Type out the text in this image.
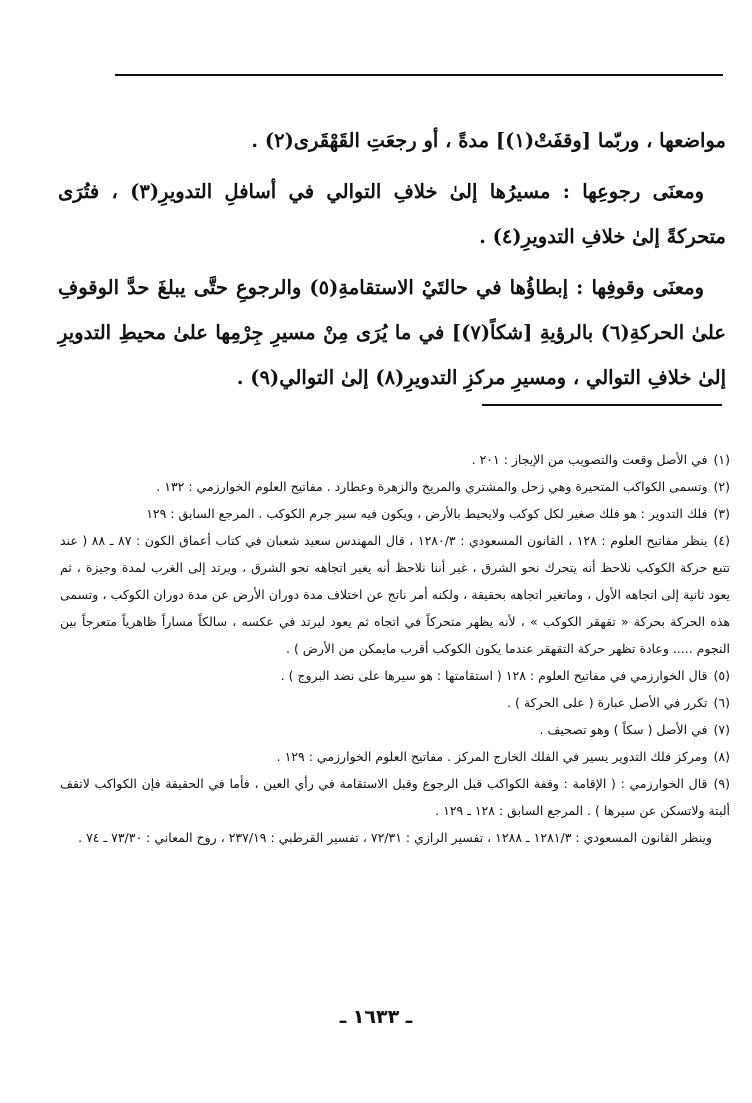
مواضعها ، وربّما [وقفَتْ(١)] مدةً ، أو رجعَتِ القَهْقَرى(٢) .

ومعنَى رجوعِها : مسيرُها إلىٰ خلافِ التوالي في أسافلِ التدويرِ(٣) ، فتُرَى متحركةً إلىٰ خلافِ التدويرِ(٤) .

ومعنَى وقوفِها : إبطاؤُها في حالتَيْ الاستقامةِ(٥) والرجوعِ حتَّى يبلغَ حدَّ الوقوفِ علىٰ الحركةِ(٦) بالرؤيةِ [شكاً(٧)] في ما يُرَى مِنْ مسيرِ جِرْمِها علىٰ محيطِ التدويرِ إلىٰ خلافِ التوالي ، ومسيرِ مركزِ التدويرِ(٨) إلىٰ التوالي(٩) .

(١)في الأصل وقعت والتصويب من الإيجاز : ٢٠١ .

(٢)وتسمى الكواكب المتحيرة وهي زحل والمشتري والمريخ والزهرة وعطارد . مفاتيح العلوم الخوارزمي : ١٣٢ .

(٣)فلك التدوير : هو فلك صغير لكل كوكب ولايحيط بالأرض ، ويكون فيه سير جرم الكوكب . المرجع السابق : ١٢٩

(٤)ينظر مفاتيح العلوم : ١٢٨ ، القانون المسعودي : ١٢٨٠/٣ ، قال المهندس سعيد شعبان في كتاب أعماق الكون : ٨٧ ـ ٨٨ ( عند تتبع حركة الكوكب نلاحظ أنه يتحرك نحو الشرق ، غير أننا نلاحظ أنه يغير اتجاهه نحو الشرق ، ويرتد إلى الغرب لمدة وجيزة ، ثم يعود ثانية إلى اتجاهه الأول ، وماتغير اتجاهه بحقيقة ، ولكنه أمر ناتج عن اختلاف مدة دوران الأرض عن مدة دوران الكوكب ، وتسمى هذه الحركة بحركة « تقهقر الكوكب » ، لأنه يظهر متحركاً في اتجاه ثم يعود ليرتد في عكسه ، سالكاً مساراً ظاهرياً متعرجاً بين النجوم ..... وعادة تظهر حركة التقهقر عندما يكون الكوكب أقرب مايمكن من الأرض ) .

(٥)قال الخوارزمي في مفاتيح العلوم : ١٢٨ ( استقامتها : هو سيرها على نضد البروج ) .

(٦)تكرر في الأصل عبارة ( على الحركة ) .

(٧)في الأصل ( سكاً ) وهو تصحيف .

(٨)ومركز فلك التدوير يسير في الفلك الخارج المركز . مفاتيح العلوم الخوارزمي : ١٢٩ .

(٩)قال الخوارزمي : ( الإقامة : وقفة الكواكب قبل الرجوع وقبل الاستقامة في رأي العين ، فأما في الحقيقة فإن الكواكب لاتقف ألبتة ولاتسكن عن سيرها ) . المرجع السابق : ١٢٨ ـ ١٢٩ .

وينظر القانون المسعودي : ١٢٨١/٣ ـ ١٢٨٨ ، تفسير الرازي : ٧٢/٣١ ، تفسير القرطبي : ٢٣٧/١٩ ، روح المعاني : ٧٣/٣٠ ـ ٧٤ .

ـ ١٦٣٣ ـ
